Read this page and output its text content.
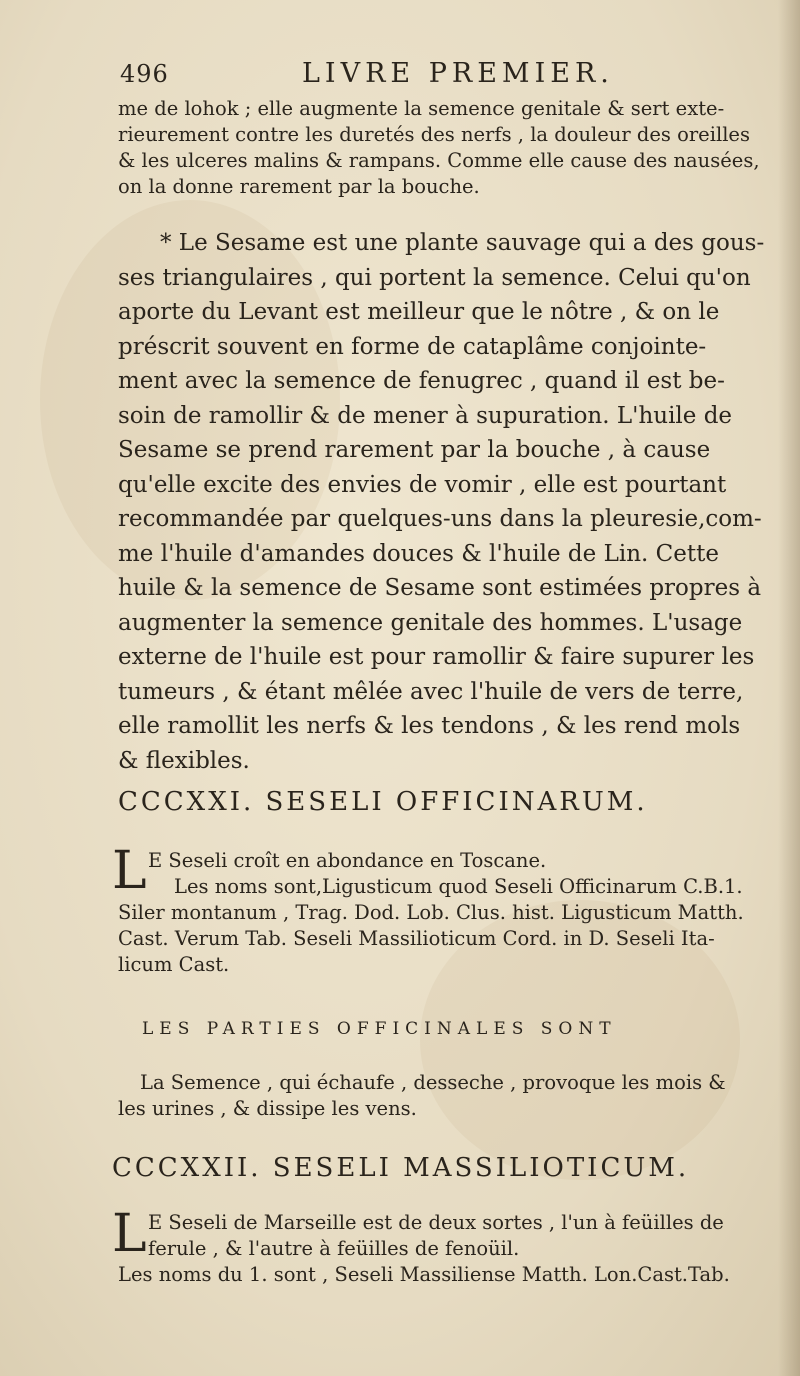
496	LIVRE PREMIER.
me de lohok ; elle augmente la semence genitale & sert exte-
rieurement contre les duretés des nerfs , la douleur des oreilles
& les ulceres malins & rampans. Comme elle cause des nausées,
on la donne rarement par la bouche.
* Le Sesame est une plante sauvage qui a des gous-
ses triangulaires , qui portent la semence. Celui qu'on
aporte du Levant est meilleur que le nôtre , & on le
préscrit souvent en forme de cataplâme conjointe-
ment avec la semence de fenugrec , quand il est be-
soin de ramollir & de mener à supuration. L'huile de
Sesame se prend rarement par la bouche , à cause
qu'elle excite des envies de vomir , elle est pourtant
recommandée par quelques-uns dans la pleuresie,com-
me l'huile d'amandes douces & l'huile de Lin. Cette
huile & la semence de Sesame sont estimées propres à
augmenter la semence genitale des hommes. L'usage
externe de l'huile est pour ramollir & faire supurer les
tumeurs , & étant mêlée avec l'huile de vers de terre,
elle ramollit les nerfs & les tendons , & les rend mols
& flexibles.
CCCXXI. SESELI OFFICINARUM.
L E Seseli croît en abondance en Toscane.
Les noms sont,Ligusticum quod Seseli Officinarum C.B.1.
Siler montanum , Trag. Dod. Lob. Clus. hist. Ligusticum Matth.
Cast. Verum Tab. Seseli Massilioticum Cord. in D. Seseli Ita-
licum Cast.
LES PARTIES OFFICINALES SONT
La Semence , qui échaufe , desseche , provoque les mois &
les urines , & dissipe les vens.
CCCXXII. SESELI MASSILIOTICUM.
L E Seseli de Marseille est de deux sortes , l'un à feüilles de
ferule , & l'autre à feüilles de fenoüil.
Les noms du 1. sont , Seseli Massiliense Matth. Lon.Cast.Tab.
